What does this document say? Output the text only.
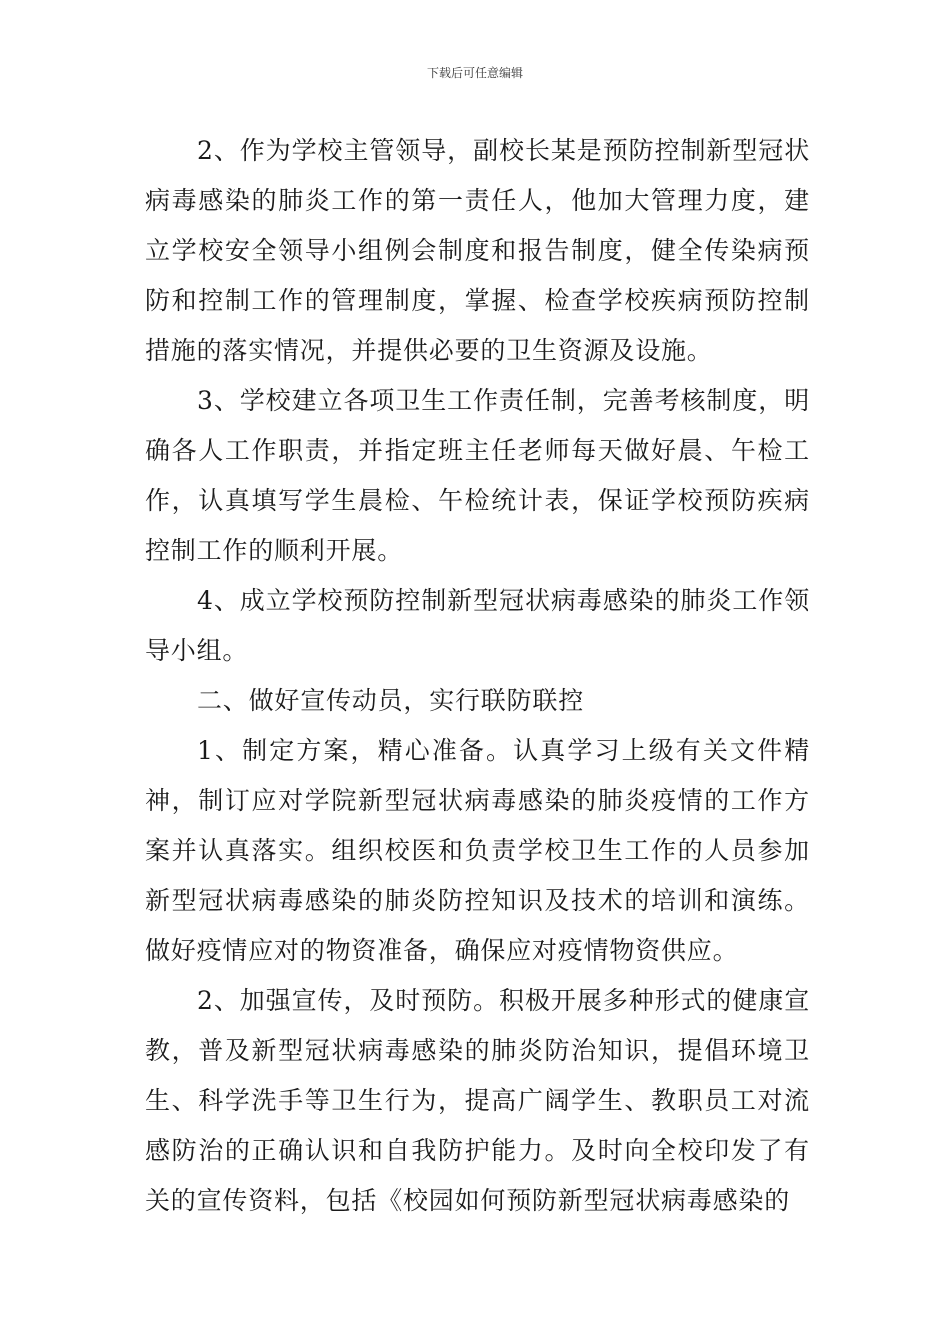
下载后可任意编辑

2、作为学校主管领导，副校长某是预防控制新型冠状病毒感染的肺炎工作的第一责任人，他加大管理力度，建立学校安全领导小组例会制度和报告制度，健全传染病预防和控制工作的管理制度，掌握、检查学校疾病预防控制措施的落实情况，并提供必要的卫生资源及设施。

3、学校建立各项卫生工作责任制，完善考核制度，明确各人工作职责，并指定班主任老师每天做好晨、午检工作，认真填写学生晨检、午检统计表，保证学校预防疾病控制工作的顺利开展。

4、成立学校预防控制新型冠状病毒感染的肺炎工作领导小组。

二、做好宣传动员，实行联防联控

1、制定方案，精心准备。认真学习上级有关文件精神，制订应对学院新型冠状病毒感染的肺炎疫情的工作方案并认真落实。组织校医和负责学校卫生工作的人员参加新型冠状病毒感染的肺炎防控知识及技术的培训和演练。做好疫情应对的物资准备，确保应对疫情物资供应。

2、加强宣传，及时预防。积极开展多种形式的健康宣教，普及新型冠状病毒感染的肺炎防治知识，提倡环境卫生、科学洗手等卫生行为，提高广阔学生、教职员工对流感防治的正确认识和自我防护能力。及时向全校印发了有关的宣传资料，包括《校园如何预防新型冠状病毒感染的
